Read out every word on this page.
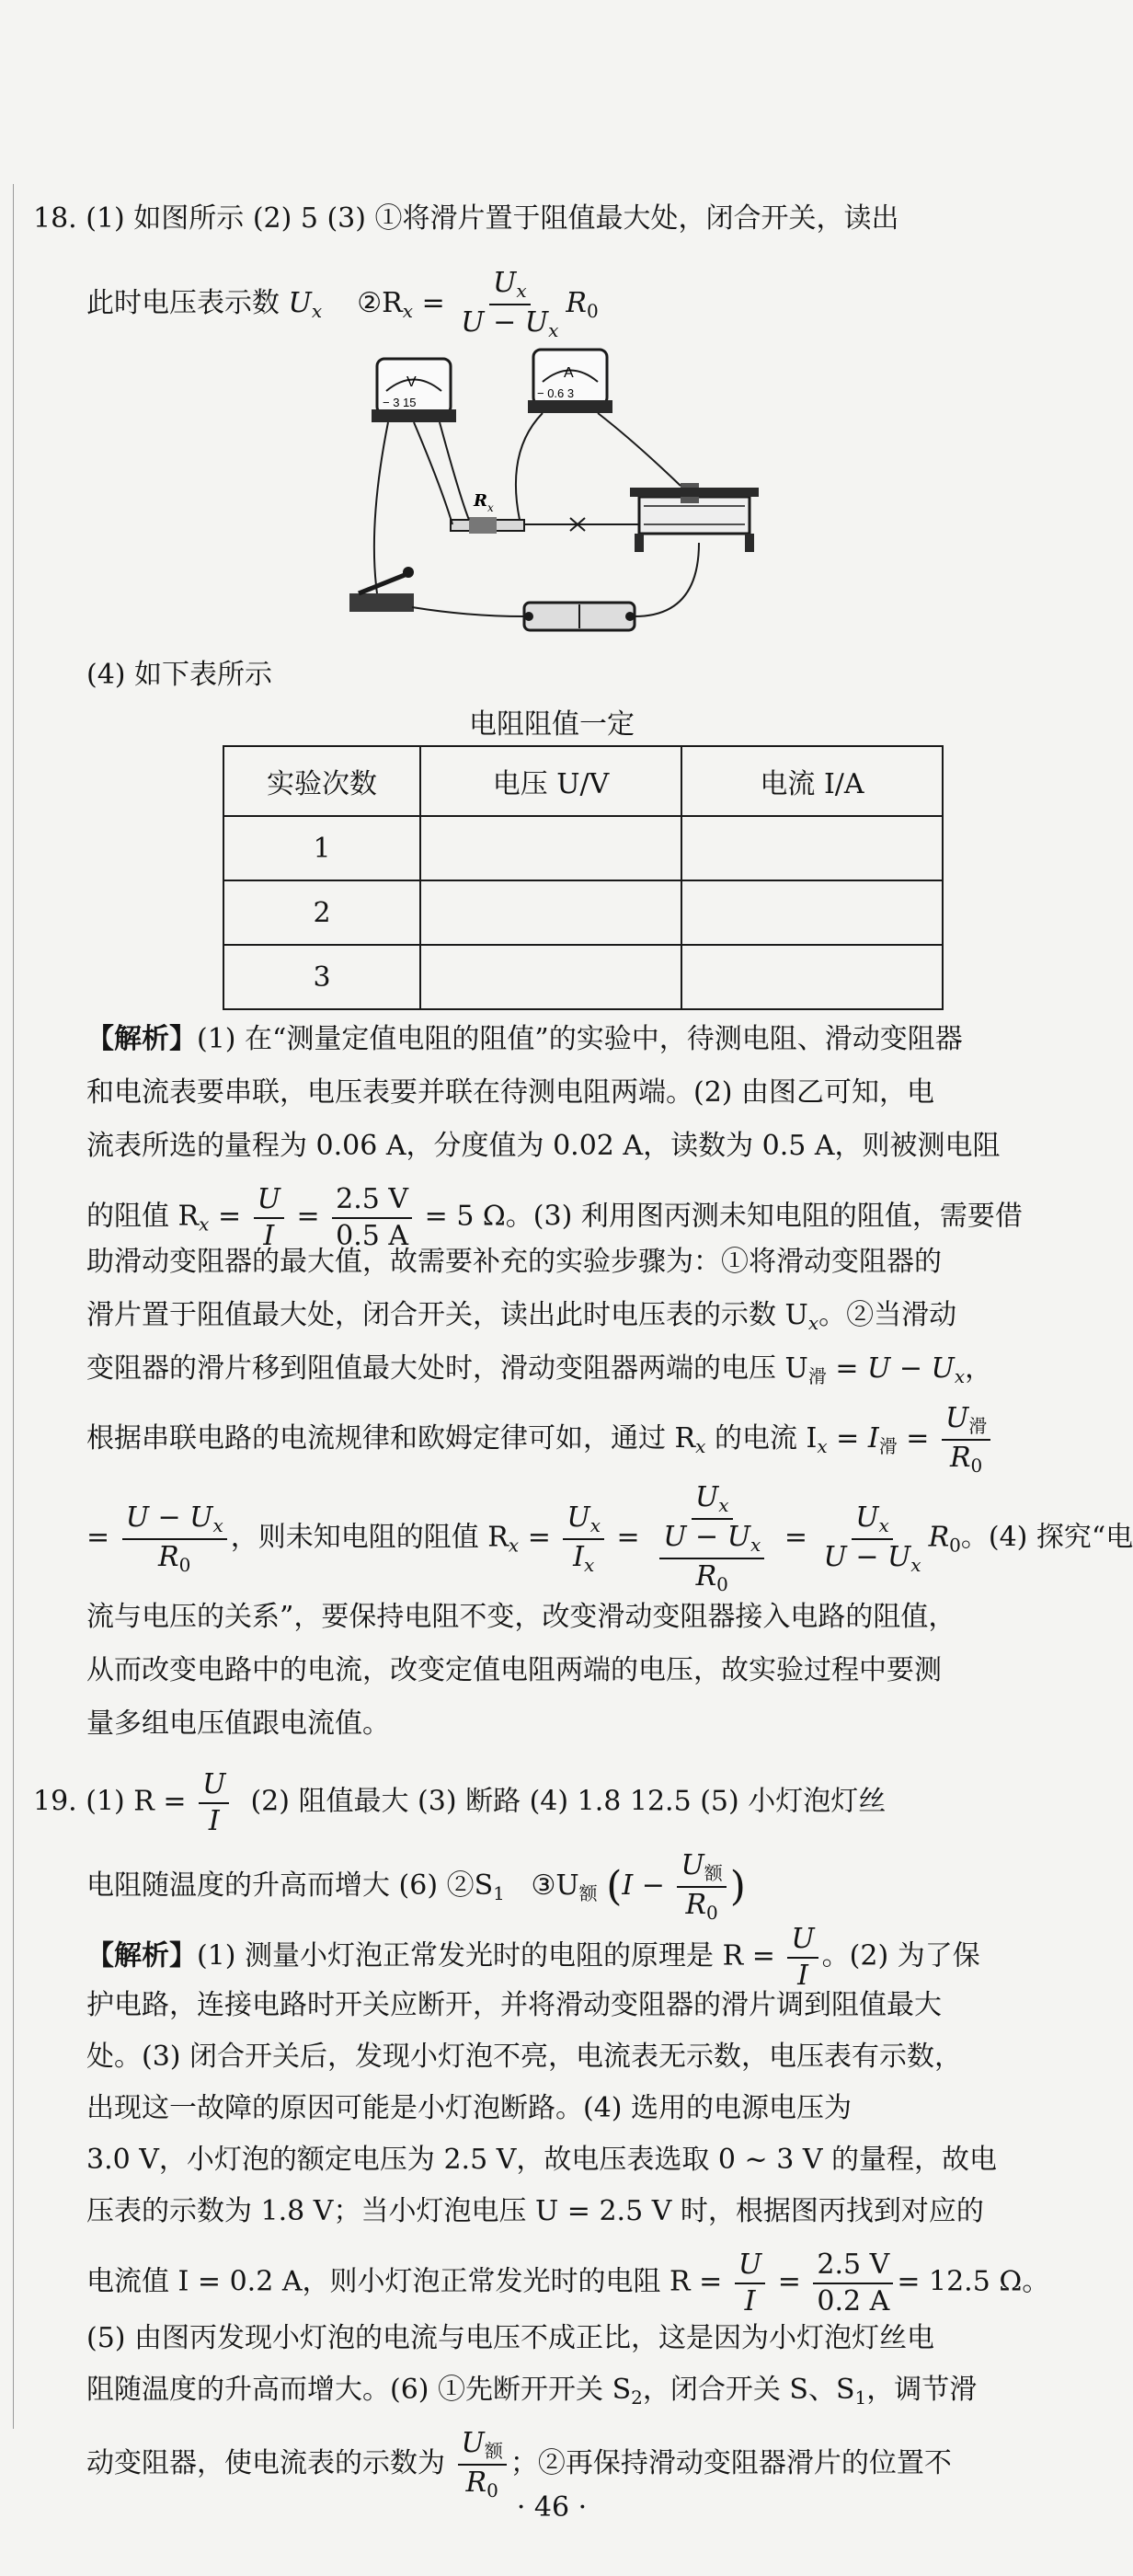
18. (1) 如图所示 (2) 5 (3) ①将滑片置于阻值最大处，闭合开关，读出
此时电压表示数 $U_x$ $②R_x = \frac{U_x}{U - U_x} R_0$
V
− 3 15
A
− 0.6 3
R x
(4) 如下表所示
电阻阻值一定
实验次数	电压 U/V	电流 I/A
1		
2		
3		
【解析】(1) 在“测量定值电阻的阻值”的实验中，待测电阻、滑动变阻器
和电流表要串联，电压表要并联在待测电阻两端。(2) 由图乙可知，电
流表所选的量程为 0.06 A，分度值为 0.02 A，读数为 0.5 A，则被测电阻
的阻值 $R_x = \frac{U}{I} = \frac{2.5 V}{0.5 A} = 5$ Ω。(3) 利用图丙测未知电阻的阻值，需要借
助滑动变阻器的最大值，故需要补充的实验步骤为：①将滑动变阻器的
滑片置于阻值最大处，闭合开关，读出此时电压表的示数 $U_x$。②当滑动
变阻器的滑片移到阻值最大处时，滑动变阻器两端的电压 $U_滑 = U - U_x$，
根据串联电路的电流规律和欧姆定律可如，通过 $R_x$ 的电流 $I_x = I_滑 = \frac{U_滑}{R_0}$
= $\frac{U - U_x}{R_0}$ ，则未知电阻的阻值 $R_x = \frac{U_x}{I_x} = \frac{U_x}{\frac{U - U_x}{R_0}} = \frac{U_x}{U - U_x} R_0$。(4) 探究“电
流与电压的关系”，要保持电阻不变，改变滑动变阻器接入电路的阻值，
从而改变电路中的电流，改变定值电阻两端的电压，故实验过程中要测
量多组电压值跟电流值。
19. (1) $R = \frac{U}{I} (2)$ 阻值最大 (3) 断路 (4) 1.8 12.5 (5) 小灯泡灯丝
电阻随温度的升高而增大 (6) $②S_1$ $③U_额$ ($I - \frac{U_额}{R_0}$ )
【解析】(1) 测量小灯泡正常发光时的电阻的原理是 $R = \frac{U}{I}$ 。(2) 为了保
护电路，连接电路时开关应断开，并将滑动变阻器的滑片调到阻值最大
处。(3) 闭合开关后，发现小灯泡不亮，电流表无示数，电压表有示数，
出现这一故障的原因可能是小灯泡断路。(4) 选用的电源电压为
3.0 V，小灯泡的额定电压为 2.5 V，故电压表选取 0 ~ 3 V 的量程，故电
压表的示数为 1.8 V；当小灯泡电压 U = 2.5 V 时，根据图丙找到对应的
电流值 I = 0.2 A，则小灯泡正常发光时的电阻 $R = \frac{U}{I} = \frac{2.5 V}{0.2 A} = 12.5$ Ω。
(5) 由图丙发现小灯泡的电流与电压不成正比，这是因为小灯泡灯丝电
阻随温度的升高而增大。(6) ①先断开开关 $S_2$，闭合开关 S、$S_1$，调节滑
动变阻器，使电流表的示数为 $\frac{U_额}{R_0}$ ；②再保持滑动变阻器滑片的位置不
· 46 ·
